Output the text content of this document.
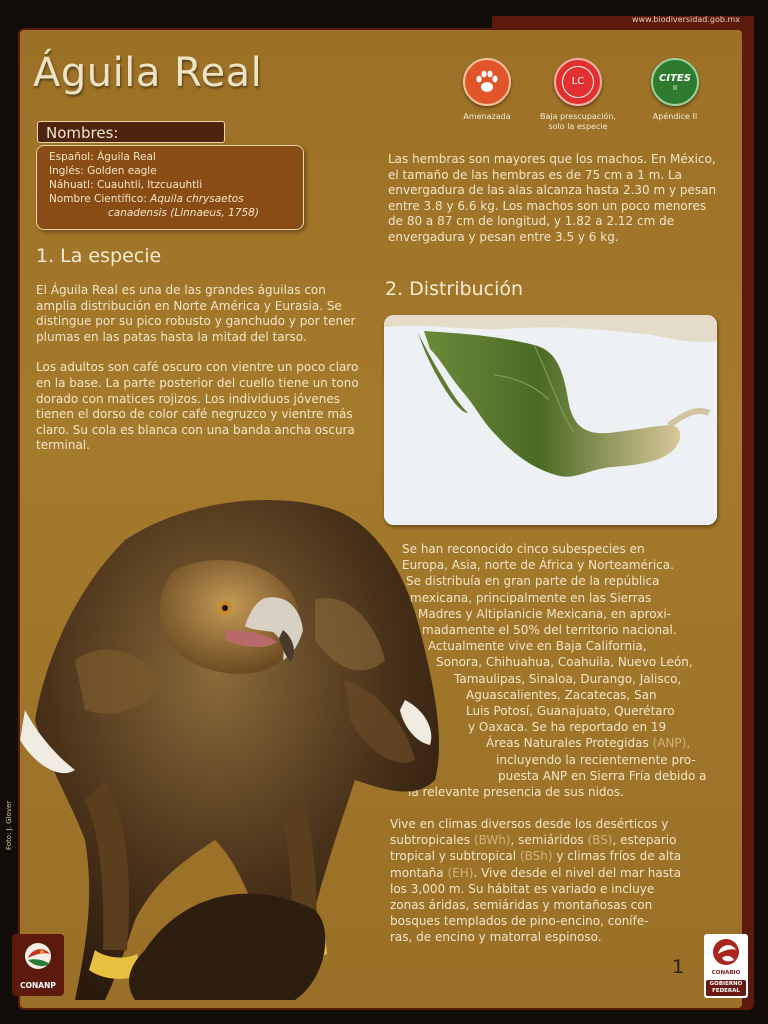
www.biodiversidad.gob.mx
Águila Real
Amenazada
LC
Baja prescupación,
solo la especie
CITES
II
Apéndice II
Nombres:
Español: Águila Real
Inglés: Golden eagle
Náhuatl: Cuauhtli, Itzcuauhtli
Nombre Científico: Aquila chrysaetos
canadensis (Linnaeus, 1758)
1. La especie

El Águila Real es una de las grandes águilas con amplia distribución en Norte América y Eurasia. Se distingue por su pico robusto y ganchudo y por tener plumas en las patas hasta la mitad del tarso.

Los adultos son café oscuro con vientre un poco claro en la base. La parte posterior del cuello tiene un tono dorado con matices rojizos. Los individuos jóvenes tienen el dorso de color café negruzco y vientre más claro. Su cola es blanca con una banda ancha oscura terminal.

Las hembras son mayores que los machos. En México, el tamaño de las hembras es de 75 cm a 1 m. La envergadura de las alas alcanza hasta 2.30 m y pesan entre 3.8 y 6.6 kg. Los machos son un poco menores de 80 a 87 cm de longitud, y 1.82 a 2.12 cm de envergadura y pesan entre 3.5 y 6 kg.

2. Distribución
Se han reconocido cinco subespecies en
Europa, Asia, norte de África y Norteamérica.
Se distribuía en gran parte de la república
mexicana, principalmente en las Sierras
Madres y Altiplanicie Mexicana, en aproxi-
madamente el 50% del territorio nacional.
Actualmente vive en Baja California,
Sonora, Chihuahua, Coahuila, Nuevo León,
Tamaulipas, Sinaloa, Durango, Jalisco,
Aguascalientes, Zacatecas, San
Luis Potosí, Guanajuato, Querétaro
y Oaxaca. Se ha reportado en 19
Áreas Naturales Protegidas (ANP),
incluyendo la recientemente pro-
puesta ANP en Sierra Fría debido a
la relevante presencia de sus nidos.
Vive en climas diversos desde los desérticos y
subtropicales (BWh), semiáridos (BS), estepario
tropical y subtropical (BSh) y climas fríos de alta
montaña (EH). Vive desde el nivel del mar hasta
los 3,000 m. Su hábitat es variado e incluye
zonas áridas, semiáridas y montañosas con
bosques templados de pino-encino, conífe-
ras, de encino y matorral espinoso.
Foto: J. Glover
CONANP
1	CONABIO
GOBIERNO
FEDERAL
